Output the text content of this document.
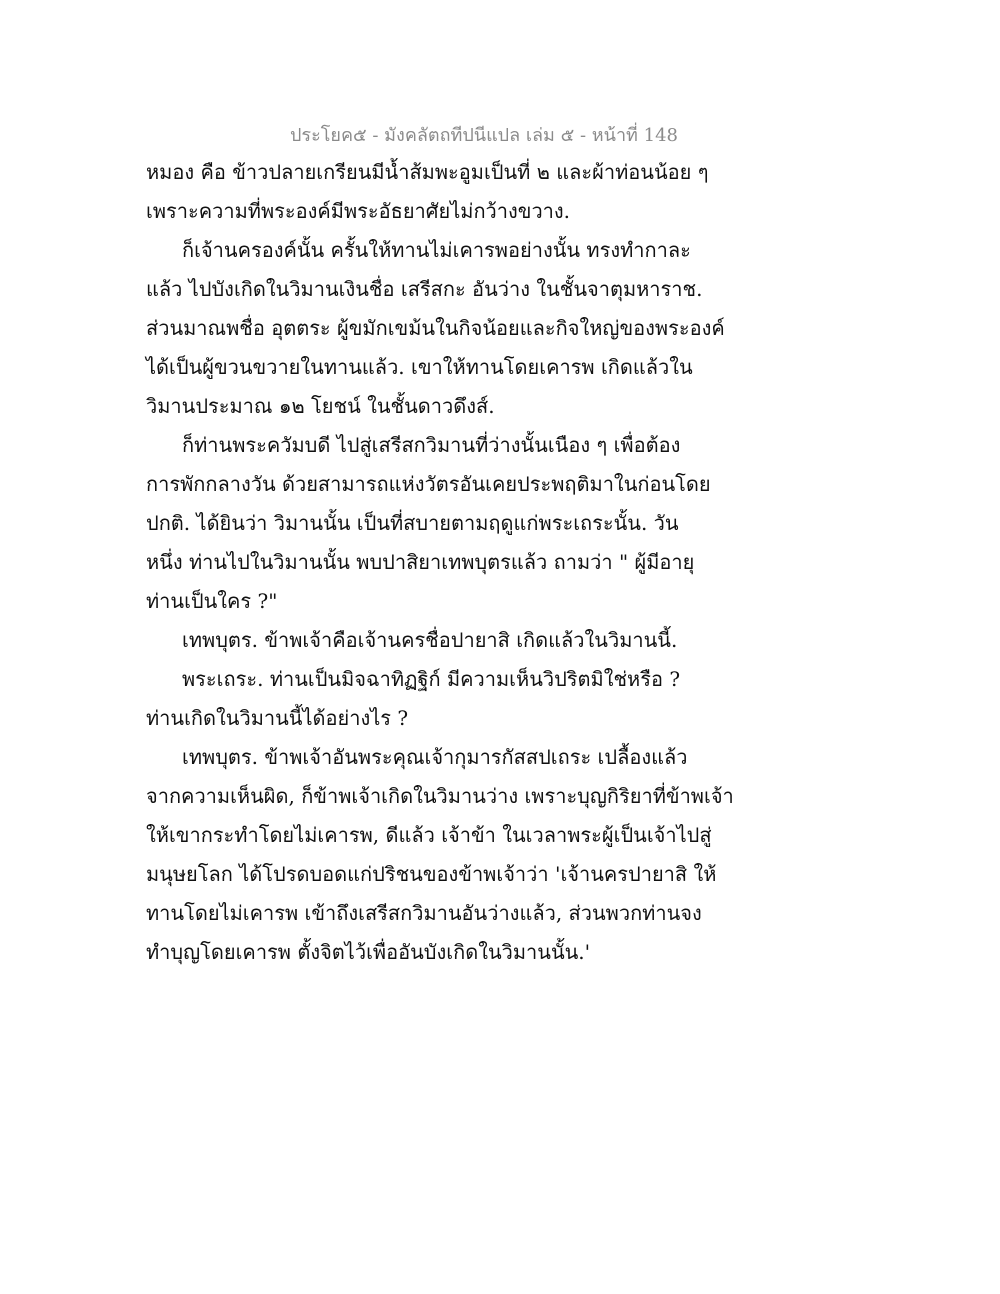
ประโยค๕ - มังคลัตถทีปนีแปล เล่ม ๕ - หน้าที่ 148
หมอง คือ ข้าวปลายเกรียนมีน้ำส้มพะอูมเป็นที่ ๒ และผ้าท่อนน้อย ๆ
เพราะความที่พระองค์มีพระอัธยาศัยไม่กว้างขวาง.
ก็เจ้านครองค์นั้น ครั้นให้ทานไม่เคารพอย่างนั้น ทรงทำกาละ
แล้ว ไปบังเกิดในวิมานเงินชื่อ เสรีสกะ อันว่าง ในชั้นจาตุมหาราช.
ส่วนมาณพชื่อ อุตตระ ผู้ขมักเขม้นในกิจน้อยและกิจใหญ่ของพระองค์
ได้เป็นผู้ขวนขวายในทานแล้ว. เขาให้ทานโดยเคารพ เกิดแล้วใน
วิมานประมาณ ๑๒ โยชน์ ในชั้นดาวดึงส์.
ก็ท่านพระควัมบดี ไปสู่เสรีสกวิมานที่ว่างนั้นเนือง ๆ เพื่อต้อง
การพักกลางวัน ด้วยสามารถแห่งวัตรอันเคยประพฤติมาในก่อนโดย
ปกติ. ได้ยินว่า วิมานนั้น เป็นที่สบายตามฤดูแก่พระเถระนั้น. วัน
หนึ่ง ท่านไปในวิมานนั้น พบปาสิยาเทพบุตรแล้ว ถามว่า " ผู้มีอายุ
ท่านเป็นใคร ?"
เทพบุตร. ข้าพเจ้าคือเจ้านครชื่อปายาสิ เกิดแล้วในวิมานนี้.
พระเถระ. ท่านเป็นมิจฉาทิฏฐิก์ มีความเห็นวิปริตมิใช่หรือ ?
ท่านเกิดในวิมานนี้ได้อย่างไร ?
เทพบุตร. ข้าพเจ้าอันพระคุณเจ้ากุมารกัสสปเถระ เปลื้องแล้ว
จากความเห็นผิด, ก็ข้าพเจ้าเกิดในวิมานว่าง เพราะบุญกิริยาที่ข้าพเจ้า
ให้เขากระทำโดยไม่เคารพ, ดีแล้ว เจ้าข้า ในเวลาพระผู้เป็นเจ้าไปสู่
มนุษยโลก ได้โปรดบอดแก่ปริชนของข้าพเจ้าว่า 'เจ้านครปายาสิ ให้
ทานโดยไม่เคารพ เข้าถึงเสรีสกวิมานอันว่างแล้ว, ส่วนพวกท่านจง
ทำบุญโดยเคารพ ตั้งจิตไว้เพื่ออันบังเกิดในวิมานนั้น.'
